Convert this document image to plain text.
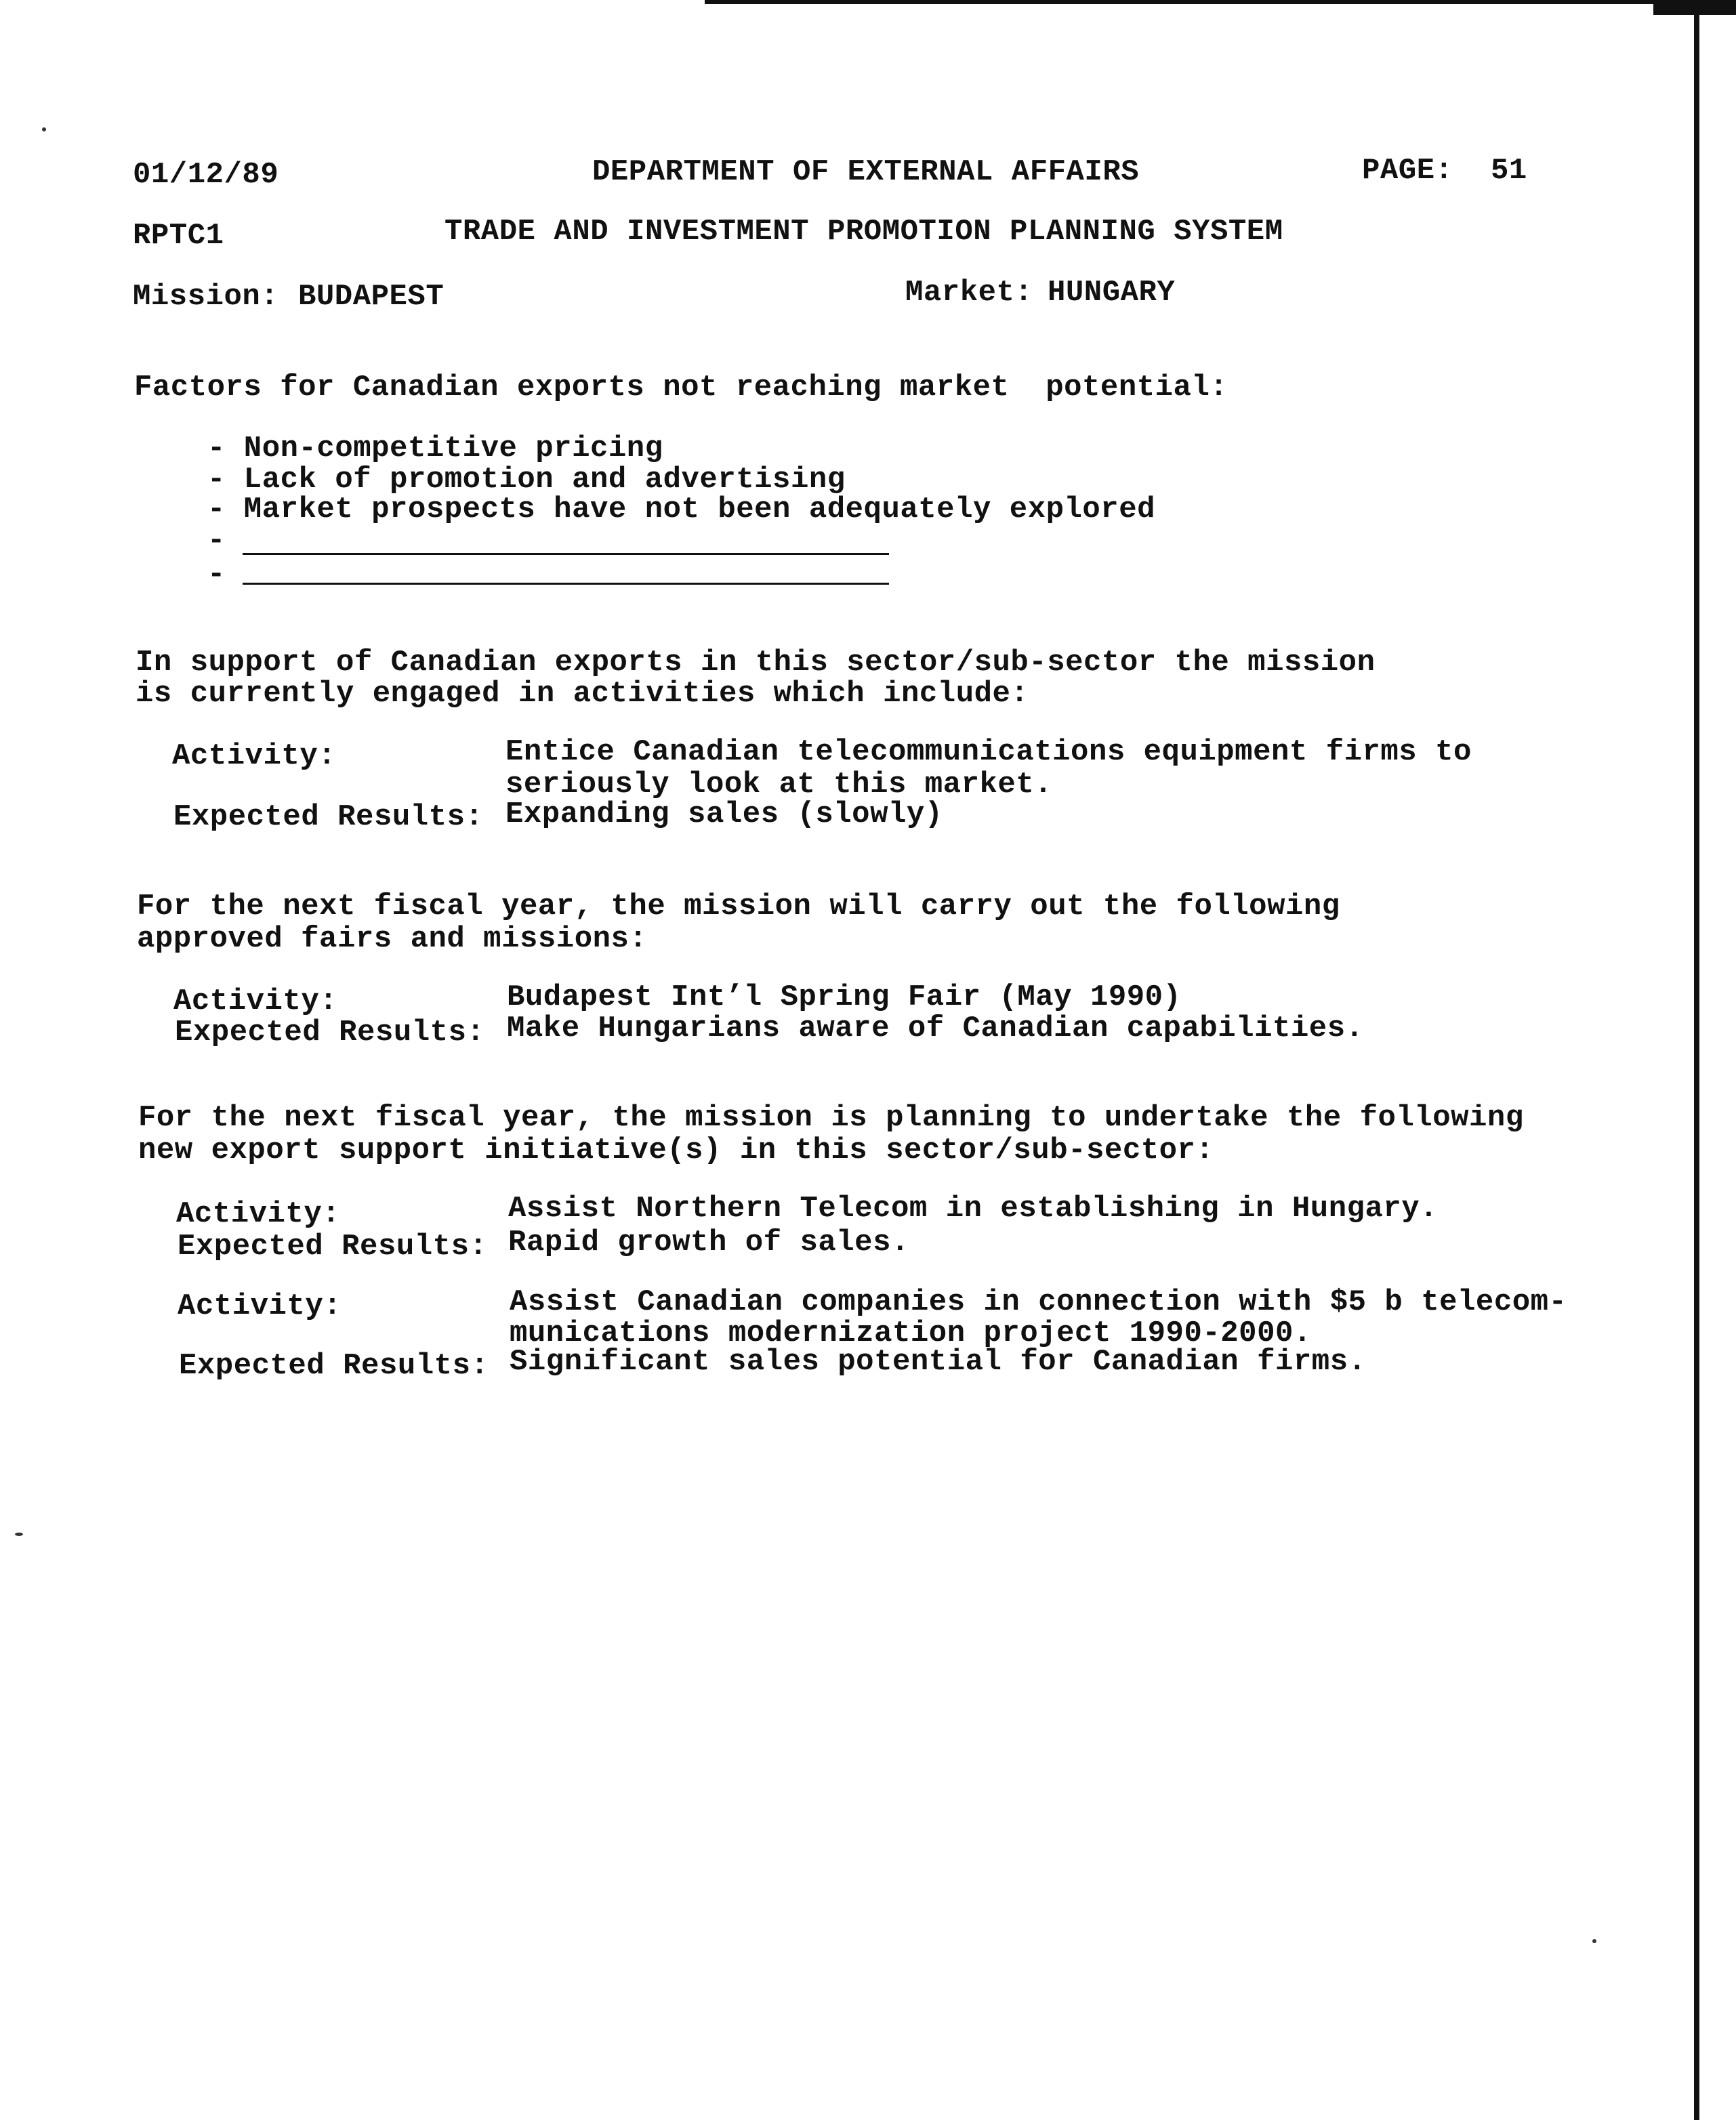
01/12/89	DEPARTMENT OF EXTERNAL AFFAIRS	PAGE: 51
RPTC1	TRADE AND INVESTMENT PROMOTION PLANNING SYSTEM
Mission: BUDAPEST	Market: HUNGARY
Factors for Canadian exports not reaching market  potential:
- Non-competitive pricing
- Lack of promotion and advertising
- Market prospects have not been adequately explored
-
-
In support of Canadian exports in this sector/sub-sector the mission
is currently engaged in activities which include:
Activity:	Entice Canadian telecommunications equipment firms to
seriously look at this market.
Expected Results: Expanding sales (slowly)
For the next fiscal year, the mission will carry out the following
approved fairs and missions:
Activity:	Budapest Int’l Spring Fair (May 1990)
Expected Results: Make Hungarians aware of Canadian capabilities.
For the next fiscal year, the mission is planning to undertake the following
new export support initiative(s) in this sector/sub-sector:
Activity:	Assist Northern Telecom in establishing in Hungary.
Expected Results: Rapid growth of sales.
Activity:	Assist Canadian companies in connection with $5 b telecom-
munications modernization project 1990-2000.
Expected Results: Significant sales potential for Canadian firms.
